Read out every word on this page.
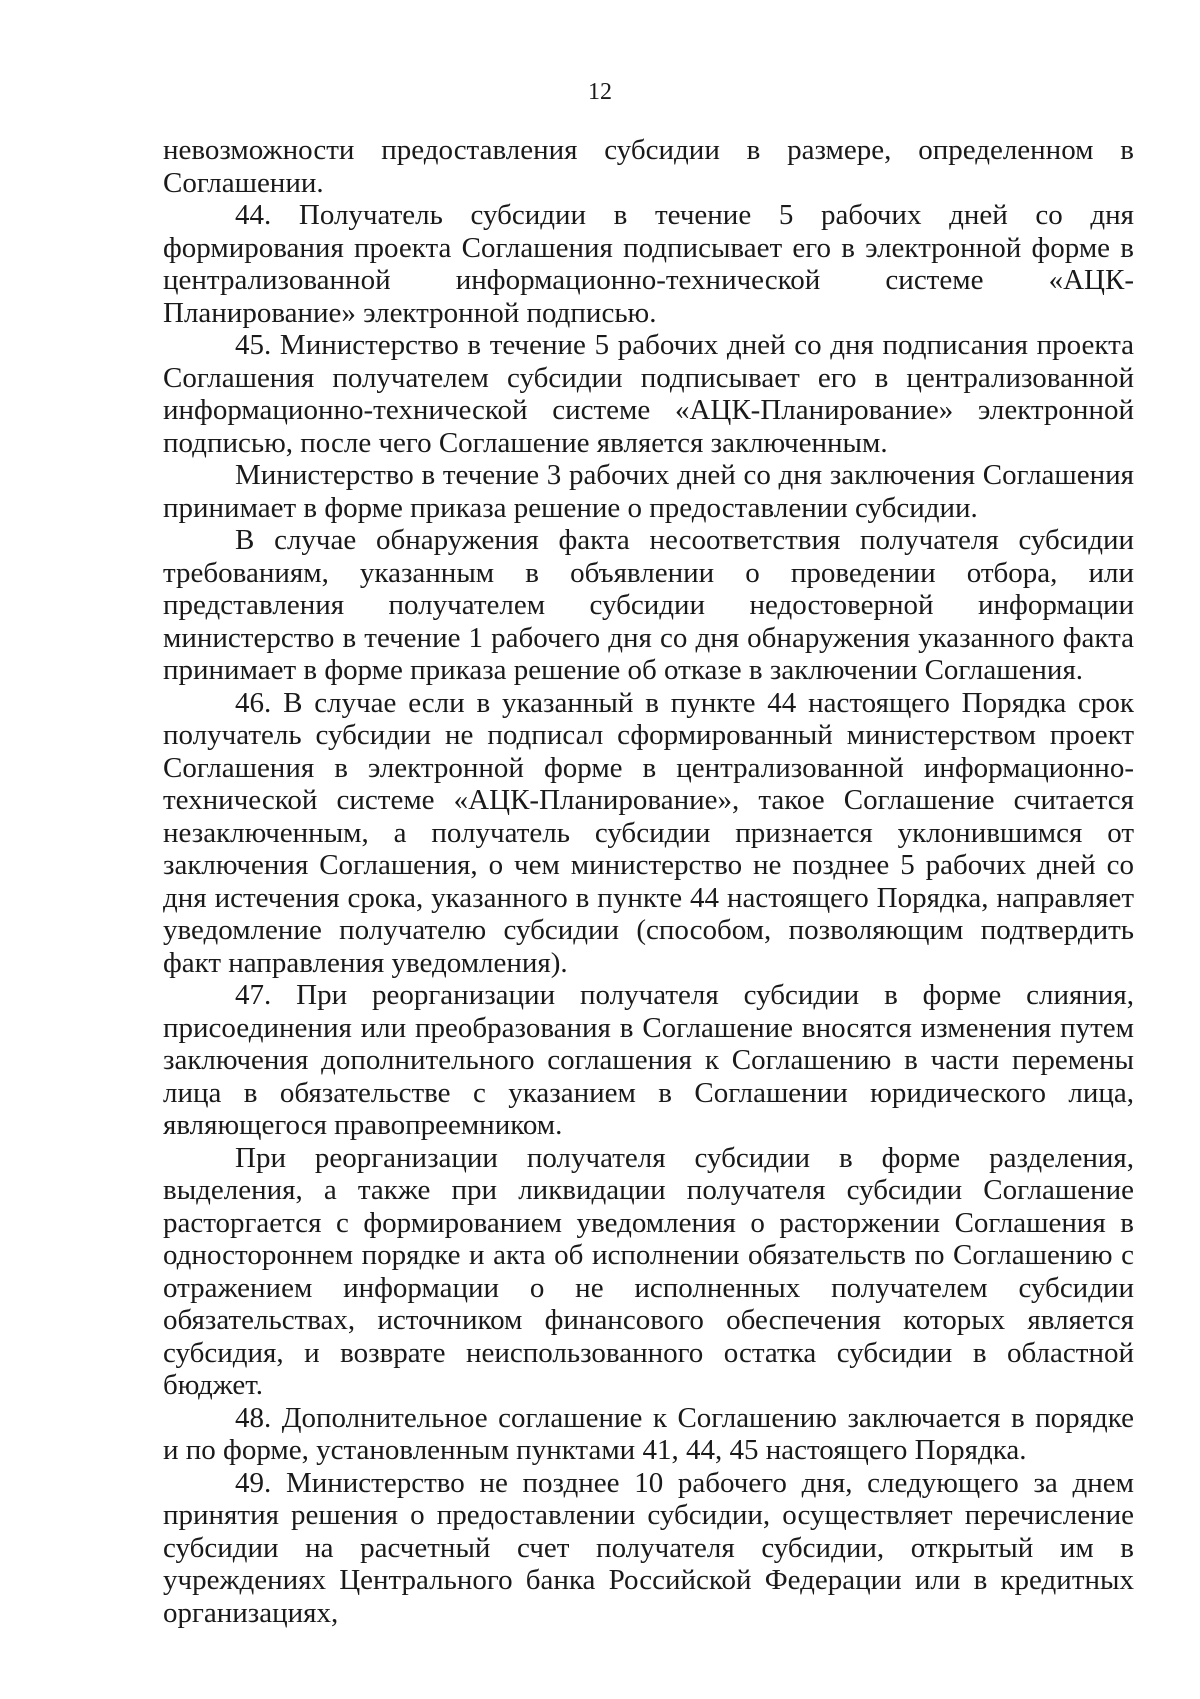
12

невозможности предоставления субсидии в размере, определенном в Соглашении.

44. Получатель субсидии в течение 5 рабочих дней со дня формирования проекта Соглашения подписывает его в электронной форме в централизованной информационно-технической системе «АЦК-Планирование» электронной подписью.

45. Министерство в течение 5 рабочих дней со дня подписания проекта Соглашения получателем субсидии подписывает его в централизованной информационно-технической системе «АЦК-Планирование» электронной подписью, после чего Соглашение является заключенным.

Министерство в течение 3 рабочих дней со дня заключения Соглашения принимает в форме приказа решение о предоставлении субсидии.

В случае обнаружения факта несоответствия получателя субсидии требованиям, указанным в объявлении о проведении отбора, или представления получателем субсидии недостоверной информации министерство в течение 1 рабочего дня со дня обнаружения указанного факта принимает в форме приказа решение об отказе в заключении Соглашения.

46. В случае если в указанный в пункте 44 настоящего Порядка срок получатель субсидии не подписал сформированный министерством проект Соглашения в электронной форме в централизованной информационно-технической системе «АЦК-Планирование», такое Соглашение считается незаключенным, а получатель субсидии признается уклонившимся от заключения Соглашения, о чем министерство не позднее 5 рабочих дней со дня истечения срока, указанного в пункте 44 настоящего Порядка, направляет уведомление получателю субсидии (способом, позволяющим подтвердить факт направления уведомления).

47. При реорганизации получателя субсидии в форме слияния, присоединения или преобразования в Соглашение вносятся изменения путем заключения дополнительного соглашения к Соглашению в части перемены лица в обязательстве с указанием в Соглашении юридического лица, являющегося правопреемником.

При реорганизации получателя субсидии в форме разделения, выделения, а также при ликвидации получателя субсидии Соглашение расторгается с формированием уведомления о расторжении Соглашения в одностороннем порядке и акта об исполнении обязательств по Соглашению с отражением информации о не исполненных получателем субсидии обязательствах, источником финансового обеспечения которых является субсидия, и возврате неиспользованного остатка субсидии в областной бюджет.

48. Дополнительное соглашение к Соглашению заключается в порядке и по форме, установленным пунктами 41, 44, 45 настоящего Порядка.

49. Министерство не позднее 10 рабочего дня, следующего за днем принятия решения о предоставлении субсидии, осуществляет перечисление субсидии на расчетный счет получателя субсидии, открытый им в учреждениях Центрального банка Российской Федерации или в кредитных организациях,
